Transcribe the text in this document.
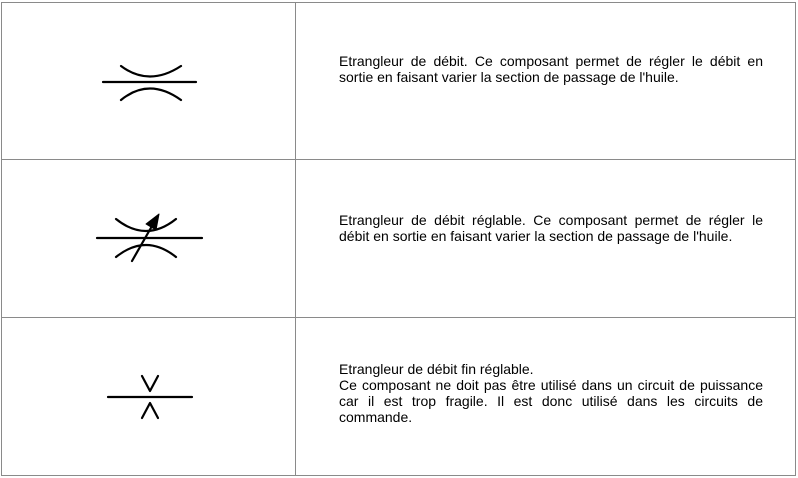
Etrangleur de débit. Ce composant permet de régler le débit en sortie en faisant varier la section de passage de l'huile.

Etrangleur de débit réglable. Ce composant permet de régler le débit en sortie en faisant varier la section de passage de l'huile.

Etrangleur de débit fin réglable.

Ce composant ne doit pas être utilisé dans un circuit de puissance car il est trop fragile. Il est donc utilisé dans les circuits de commande.
